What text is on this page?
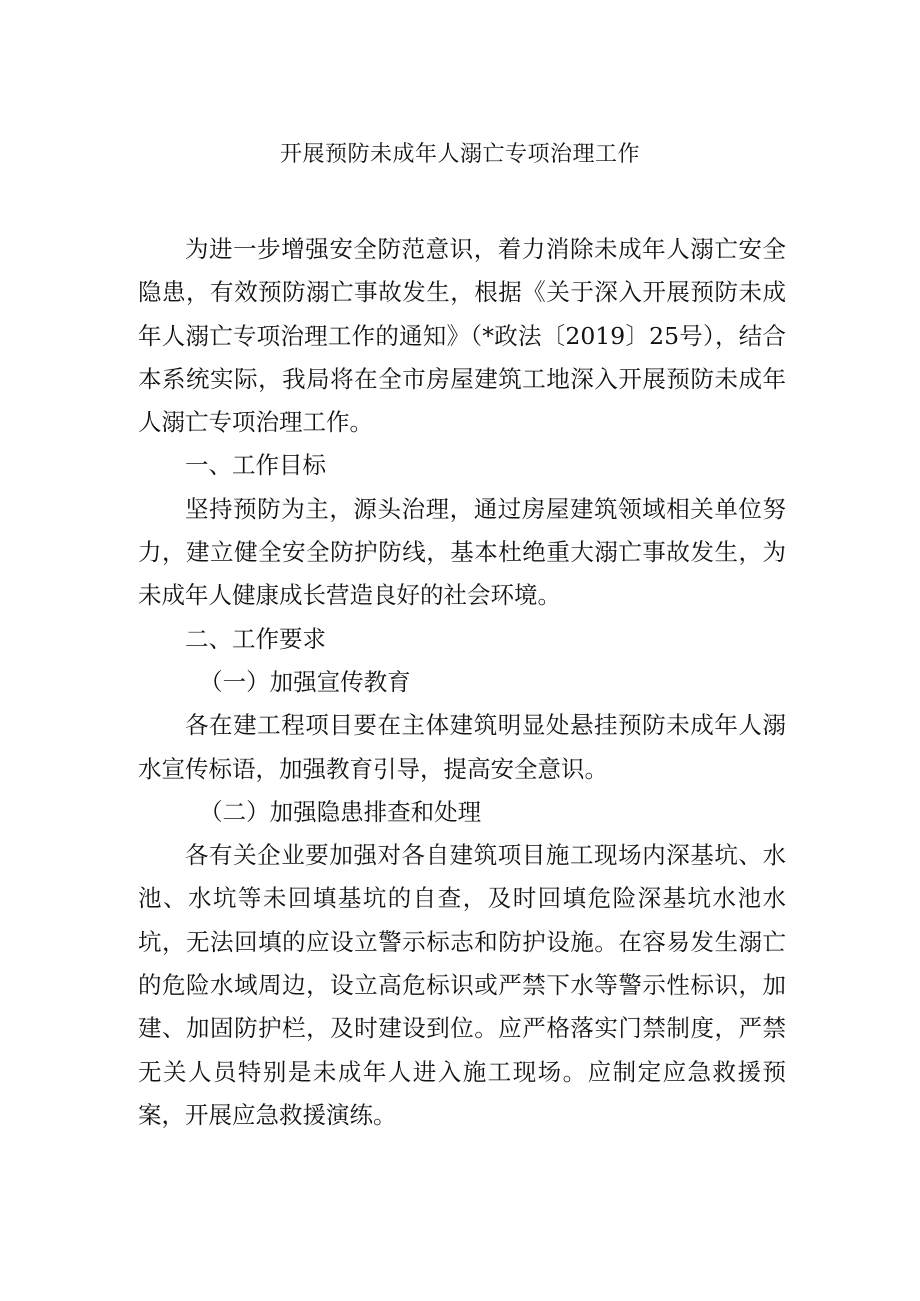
开展预防未成年人溺亡专项治理工作

为进一步增强安全防范意识，着力消除未成年人溺亡安全隐患，有效预防溺亡事故发生，根据《关于深入开展预防未成年人溺亡专项治理工作的通知》（*政法〔2019〕25号），结合本系统实际，我局将在全市房屋建筑工地深入开展预防未成年人溺亡专项治理工作。

一、工作目标

坚持预防为主，源头治理，通过房屋建筑领域相关单位努力，建立健全安全防护防线，基本杜绝重大溺亡事故发生，为未成年人健康成长营造良好的社会环境。

二、工作要求

（一）加强宣传教育

各在建工程项目要在主体建筑明显处悬挂预防未成年人溺水宣传标语，加强教育引导，提高安全意识。

（二）加强隐患排查和处理

各有关企业要加强对各自建筑项目施工现场内深基坑、水池、水坑等未回填基坑的自查，及时回填危险深基坑水池水坑，无法回填的应设立警示标志和防护设施。在容易发生溺亡的危险水域周边，设立高危标识或严禁下水等警示性标识，加建、加固防护栏，及时建设到位。应严格落实门禁制度，严禁无关人员特别是未成年人进入施工现场。应制定应急救援预案，开展应急救援演练。
